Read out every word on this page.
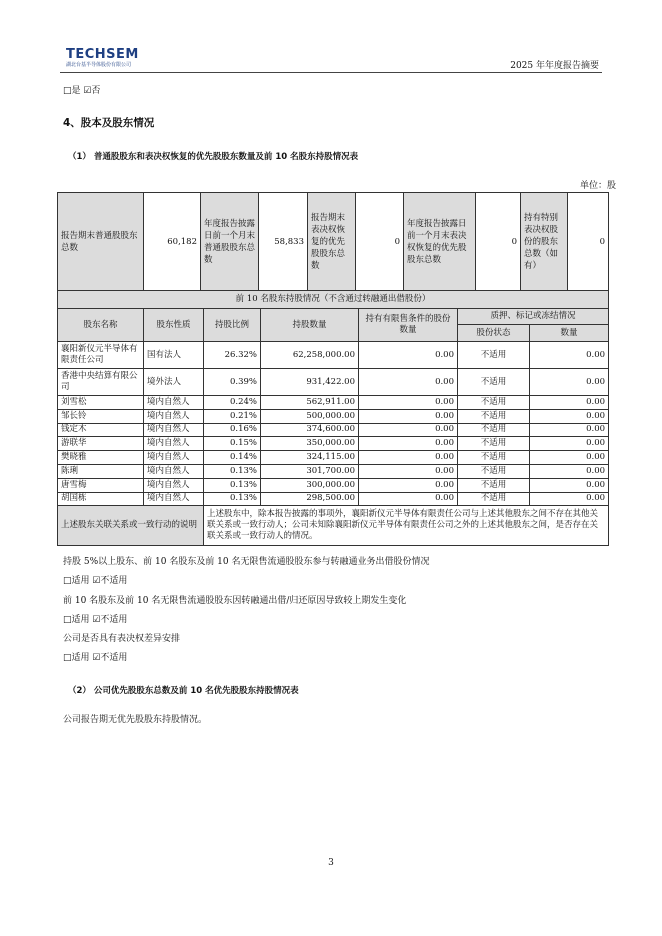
TECHSEM
湖北台基半导体股份有限公司	2025 年年度报告摘要
□是 ☑否
4、股本及股东情况
（1） 普通股股东和表决权恢复的优先股股东数量及前 10 名股东持股情况表
单位：股
报告期末普通股股东总数	60,182	年度报告披露日前一个月末普通股股东总数	58,833	报告期末表决权恢复的优先股股东总数	0	年度报告披露日前一个月末表决权恢复的优先股股东总数	0	持有特别表决权股份的股东总数（如有）	0
前 10 名股东持股情况（不含通过转融通出借股份）						
股东名称	股东性质	持股比例	持股数量	持有有限售条件的股份数量	质押、标记或冻结情况	
					股份状态	数量
襄阳新仪元半导体有限责任公司	国有法人	26.32%	62,258,000.00	0.00	不适用	0.00
香港中央结算有限公司	境外法人	0.39%	931,422.00	0.00	不适用	0.00
刘雪松	境内自然人	0.24%	562,911.00	0.00	不适用	0.00
邹长铃	境内自然人	0.21%	500,000.00	0.00	不适用	0.00
钱定木	境内自然人	0.16%	374,600.00	0.00	不适用	0.00
游联华	境内自然人	0.15%	350,000.00	0.00	不适用	0.00
樊晓雅	境内自然人	0.14%	324,115.00	0.00	不适用	0.00
陈琍	境内自然人	0.13%	301,700.00	0.00	不适用	0.00
唐雪梅	境内自然人	0.13%	300,000.00	0.00	不适用	0.00
胡国栋	境内自然人	0.13%	298,500.00	0.00	不适用	0.00
上述股东关联关系或一致行动的说明		上述股东中，除本报告披露的事项外，襄阳新仪元半导体有限责任公司与上述其他股东之间不存在其他关联关系或一致行动人；公司未知除襄阳新仪元半导体有限责任公司之外的上述其他股东之间，是否存在关联关系或一致行动人的情况。				
持股 5%以上股东、前 10 名股东及前 10 名无限售流通股股东参与转融通业务出借股份情况
□适用 ☑不适用
前 10 名股东及前 10 名无限售流通股股东因转融通出借/归还原因导致较上期发生变化
□适用 ☑不适用
公司是否具有表决权差异安排
□适用 ☑不适用
（2） 公司优先股股东总数及前 10 名优先股股东持股情况表
公司报告期无优先股股东持股情况。
3
